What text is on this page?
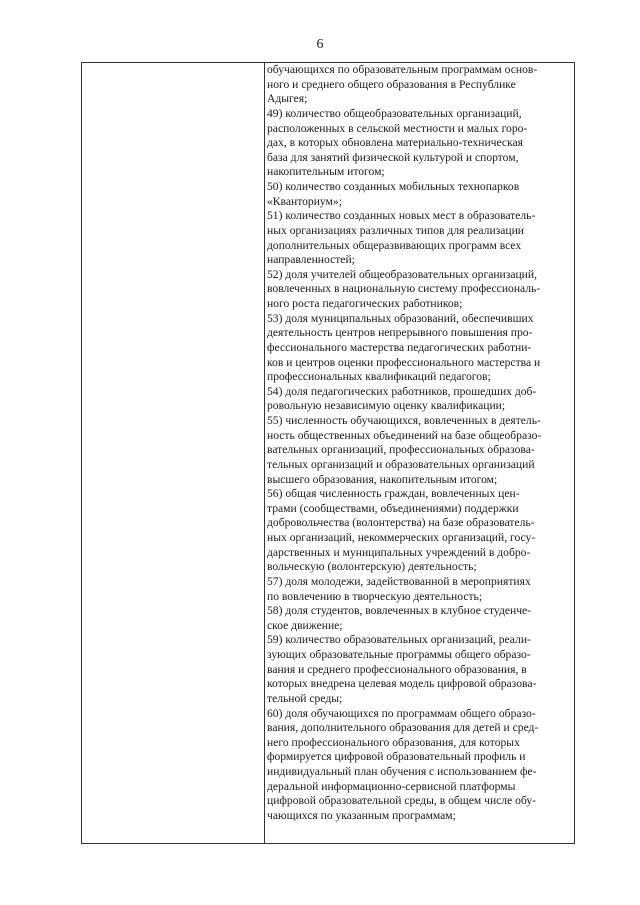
6

обучающихся по образовательным программам основ-
ного и среднего общего образования в Республике
Адыгея;
49) количество общеобразовательных организаций,
расположенных в сельской местности и малых горо-
дах, в которых обновлена материально-техническая
база для занятий физической культурой и спортом,
накопительным итогом;
50) количество созданных мобильных технопарков
«Кванториум»;
51) количество созданных новых мест в образователь-
ных организациях различных типов для реализации
дополнительных общеразвивающих программ всех
направленностей;
52) доля учителей общеобразовательных организаций,
вовлеченных в национальную систему профессиональ-
ного роста педагогических работников;
53) доля муниципальных образований, обеспечивших
деятельность центров непрерывного повышения про-
фессионального мастерства педагогических работни-
ков и центров оценки профессионального мастерства и
профессиональных квалификаций педагогов;
54) доля педагогических работников, прошедших доб-
ровольную независимую оценку квалификации;
55) численность обучающихся, вовлеченных в деятель-
ность общественных объединений на базе общеобразо-
вательных организаций, профессиональных образова-
тельных организаций и образовательных организаций
высшего образования, накопительным итогом;
56) общая численность граждан, вовлеченных цен-
трами (сообществами, объединениями) поддержки
добровольчества (волонтерства) на базе образователь-
ных организаций, некоммерческих организаций, госу-
дарственных и муниципальных учреждений в добро-
вольческую (волонтерскую) деятельность;
57) доля молодежи, задействованной в мероприятиях
по вовлечению в творческую деятельность;
58) доля студентов, вовлеченных в клубное студенче-
ское движение;
59) количество образовательных организаций, реали-
зующих образовательные программы общего образо-
вания и среднего профессионального образования, в
которых внедрена целевая модель цифровой образова-
тельной среды;
60) доля обучающихся по программам общего образо-
вания, дополнительного образования для детей и сред-
него профессионального образования, для которых
формируется цифровой образовательный профиль и
индивидуальный план обучения с использованием фе-
деральной информационно-сервисной платформы
цифровой образовательной среды, в общем числе обу-
чающихся по указанным программам;
